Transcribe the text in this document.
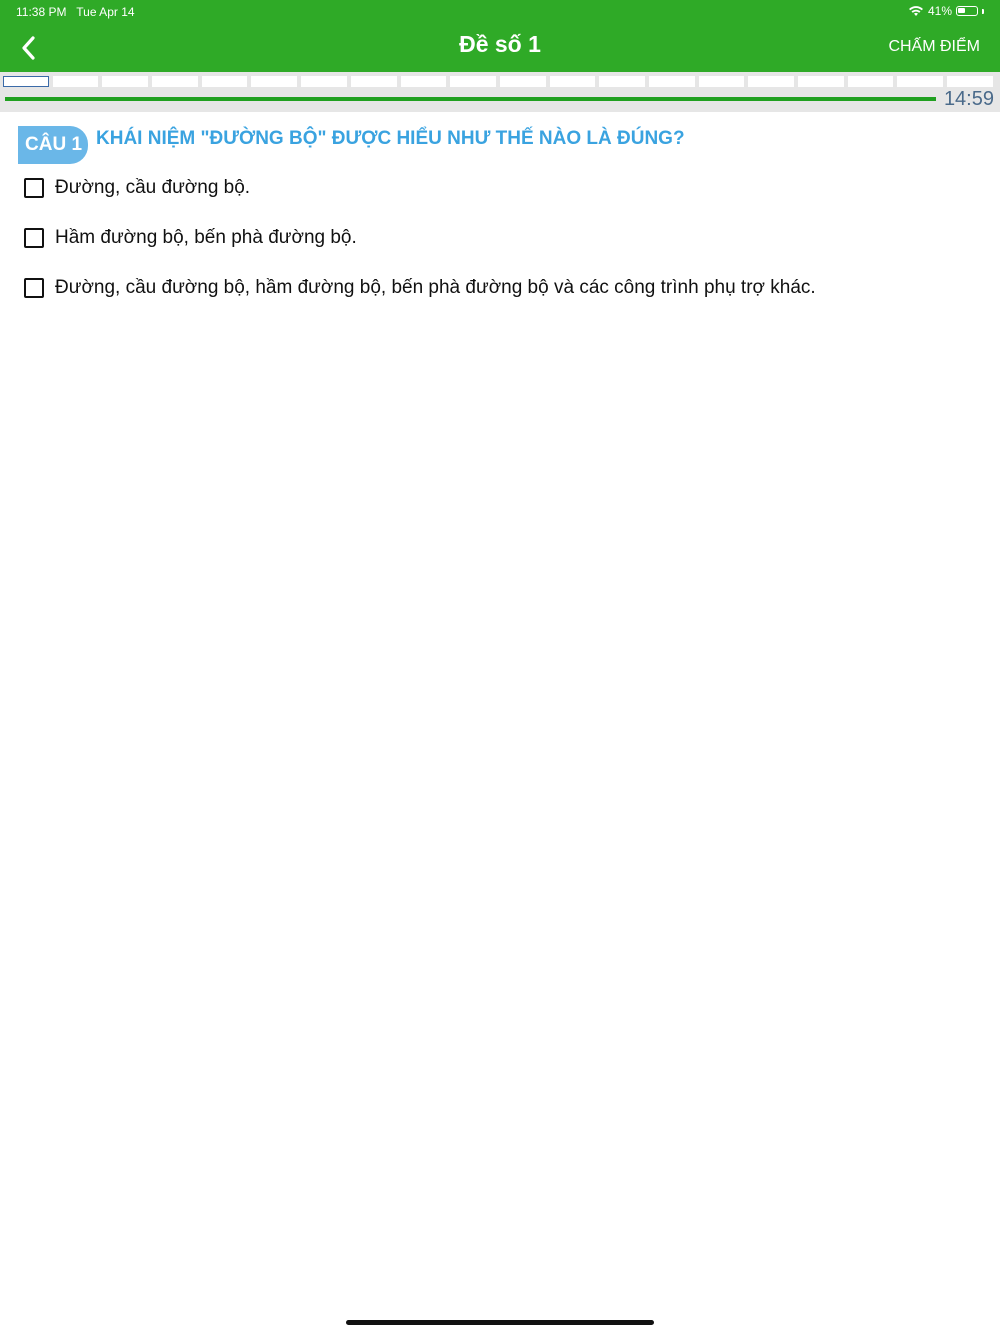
11:38 PM Tue Apr 14	41%
Đề số 1	CHẤM ĐIỂM
14:59
CÂU 1 KHÁI NIỆM "ĐƯỜNG BỘ" ĐƯỢC HIỂU NHƯ THẾ NÀO LÀ ĐÚNG?
Đường, cầu đường bộ.
Hầm đường bộ, bến phà đường bộ.
Đường, cầu đường bộ, hầm đường bộ, bến phà đường bộ và các công trình phụ trợ khác.
